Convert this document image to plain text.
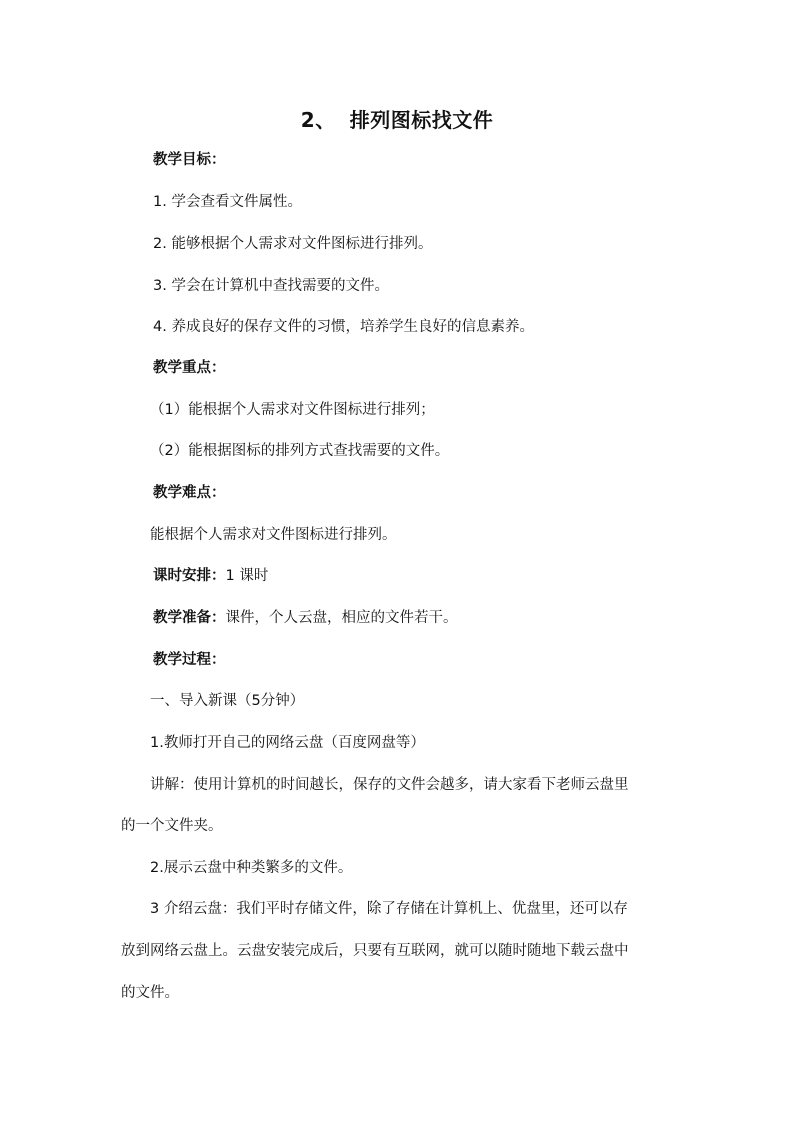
2、 排列图标找文件
教学目标：
1. 学会查看文件属性。
2. 能够根据个人需求对文件图标进行排列。
3. 学会在计算机中查找需要的文件。
4. 养成良好的保存文件的习惯，培养学生良好的信息素养。
教学重点：
（1）能根据个人需求对文件图标进行排列；
（2）能根据图标的排列方式查找需要的文件。
教学难点：
能根据个人需求对文件图标进行排列。
课时安排：1 课时
教学准备：课件，个人云盘，相应的文件若干。
教学过程：
一、导入新课（5分钟）
1.教师打开自己的网络云盘（百度网盘等）
讲解：使用计算机的时间越长，保存的文件会越多，请大家看下老师云盘里
的一个文件夹。
2.展示云盘中种类繁多的文件。
3 介绍云盘：我们平时存储文件，除了存储在计算机上、优盘里，还可以存
放到网络云盘上。云盘安装完成后，只要有互联网，就可以随时随地下载云盘中
的文件。
